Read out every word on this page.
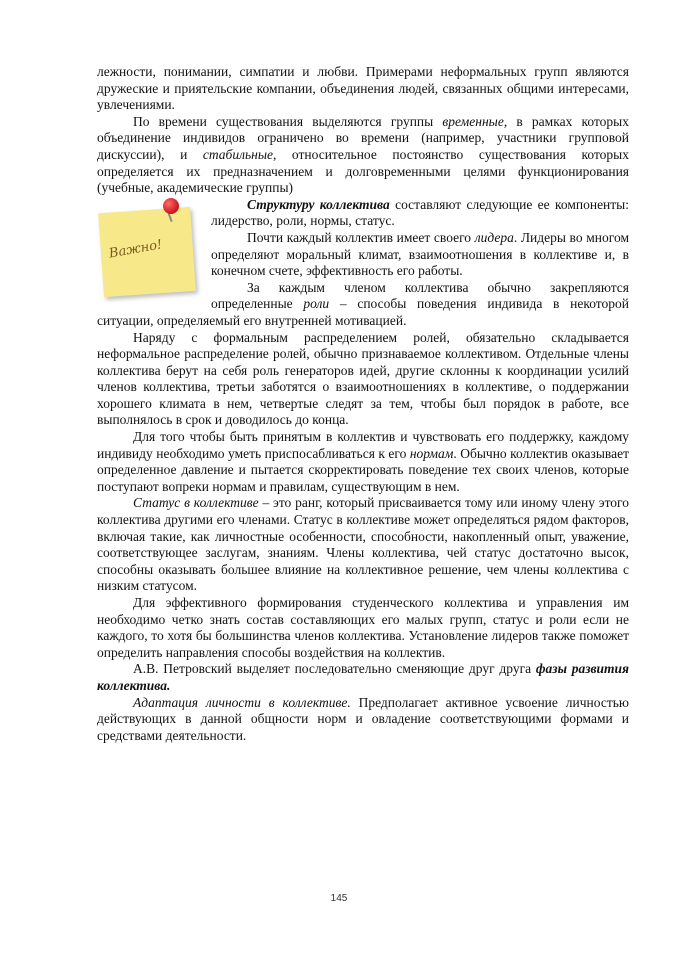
лежности, понимании, симпатии и любви. Примерами неформальных групп являются дружеские и приятельские компании, объединения людей, связанных общими интересами, увлечениями.

По времени существования выделяются группы временные, в рамках которых объединение индивидов ограничено во времени (например, участники групповой дискуссии), и стабильные, относительное постоянство существования которых определяется их предназначением и долговременными целями функционирования (учебные, академические группы)

Важно!

Структуру коллектива составляют следующие ее компоненты: лидерство, роли, нормы, статус.

Почти каждый коллектив имеет своего лидера. Лидеры во многом определяют моральный климат, взаимоотношения в коллективе и, в конечном счете, эффективность его работы.

За каждым членом коллектива обычно закрепляются определенные роли – способы поведения индивида в некоторой ситуации, определяемый его внутренней мотивацией.

Наряду с формальным распределением ролей, обязательно складывается неформальное распределение ролей, обычно признаваемое коллективом. Отдельные члены коллектива берут на себя роль генераторов идей, другие склонны к координации усилий членов коллектива, третьи заботятся о взаимоотношениях в коллективе, о поддержании хорошего климата в нем, четвертые следят за тем, чтобы был порядок в работе, все выполнялось в срок и доводилось до конца.

Для того чтобы быть принятым в коллектив и чувствовать его поддержку, каждому индивиду необходимо уметь приспосабливаться к его нормам. Обычно коллектив оказывает определенное давление и пытается скорректировать поведение тех своих членов, которые поступают вопреки нормам и правилам, существующим в нем.

Статус в коллективе – это ранг, который присваивается тому или иному члену этого коллектива другими его членами. Статус в коллективе может определяться рядом факторов, включая такие, как личностные особенности, способности, накопленный опыт, уважение, соответствующее заслугам, знаниям. Члены коллектива, чей статус достаточно высок, способны оказывать большее влияние на коллективное решение, чем члены коллектива с низким статусом.

Для эффективного формирования студенческого коллектива и управления им необходимо четко знать состав составляющих его малых групп, статус и роли если не каждого, то хотя бы большинства членов коллектива. Установление лидеров также поможет определить направления способы воздействия на коллектив.

А.В. Петровский выделяет последовательно сменяющие друг друга фазы развития коллектива.

Адаптация личности в коллективе. Предполагает активное усвоение личностью действующих в данной общности норм и овладение соответствующими формами и средствами деятельности.

145
